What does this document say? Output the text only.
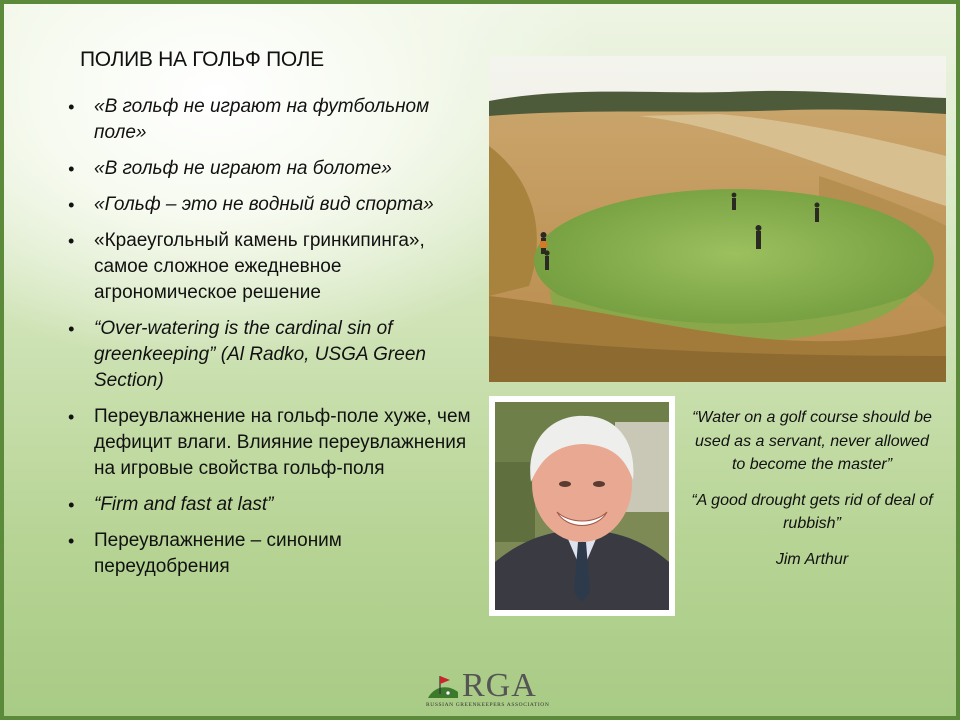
ПОЛИВ НА ГОЛЬФ ПОЛЕ
• «В гольф не играют на футбольном поле»
• «В гольф не играют на болоте»
• «Гольф – это не водный вид спорта»
• «Краеугольный камень гринкипинга», самое сложное ежедневное агрономическое решение
• “Over-watering is the cardinal sin of greenkeeping” (Al Radko, USGA Green Section)
• Переувлажнение на гольф-поле хуже, чем дефицит влаги. Влияние переувлажнения на игровые свойства гольф-поля
• “Firm and fast at last”
• Переувлажнение – синоним переудобрения

“Water on a golf course should be used as a servant, never allowed to become the master”

“A good drought gets rid of deal of rubbish”

Jim Arthur

RGA
RUSSIAN GREENKEEPERS ASSOCIATION
